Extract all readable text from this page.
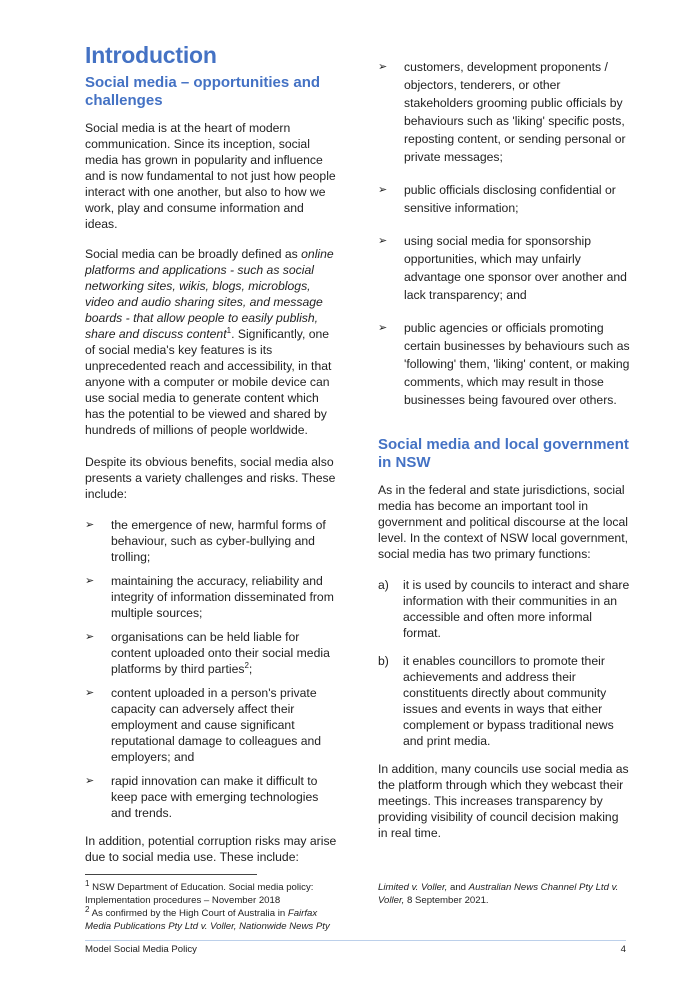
Introduction
Social media – opportunities and challenges

Social media is at the heart of modern communication. Since its inception, social media has grown in popularity and influence and is now fundamental to not just how people interact with one another, but also to how we work, play and consume information and ideas.

Social media can be broadly defined as online platforms and applications - such as social networking sites, wikis, blogs, microblogs, video and audio sharing sites, and message boards - that allow people to easily publish, share and discuss content$^1$. Significantly, one of social media's key features is its unprecedented reach and accessibility, in that anyone with a computer or mobile device can use social media to generate content which has the potential to be viewed and shared by hundreds of millions of people worldwide.

Despite its obvious benefits, social media also presents a variety challenges and risks. These include:

➢ the emergence of new, harmful forms of behaviour, such as cyber-bullying and trolling;
➢ maintaining the accuracy, reliability and integrity of information disseminated from multiple sources;
➢ organisations can be held liable for content uploaded onto their social media platforms by third parties$^2$;
➢ content uploaded in a person's private capacity can adversely affect their employment and cause significant reputational damage to colleagues and employers; and
➢ rapid innovation can make it difficult to keep pace with emerging technologies and trends.

In addition, potential corruption risks may arise due to social media use. These include:

➢ customers, development proponents / objectors, tenderers, or other stakeholders grooming public officials by behaviours such as 'liking' specific posts, reposting content, or sending personal or private messages;
➢ public officials disclosing confidential or sensitive information;
➢ using social media for sponsorship opportunities, which may unfairly advantage one sponsor over another and lack transparency; and
➢ public agencies or officials promoting certain businesses by behaviours such as 'following' them, 'liking' content, or making comments, which may result in those businesses being favoured over others.
Social media and local government in NSW

As in the federal and state jurisdictions, social media has become an important tool in government and political discourse at the local level. In the context of NSW local government, social media has two primary functions:

a) it is used by councils to interact and share information with their communities in an accessible and often more informal format.
b) it enables councillors to promote their achievements and address their constituents directly about community issues and events in ways that either complement or bypass traditional news and print media.

In addition, many councils use social media as the platform through which they webcast their meetings. This increases transparency by providing visibility of council decision making in real time.

$^1$ NSW Department of Education. Social media policy: Implementation procedures – November 2018

$^2$ As confirmed by the High Court of Australia in Fairfax Media Publications Pty Ltd v. Voller, Nationwide News Pty

Limited v. Voller, and Australian News Channel Pty Ltd v. Voller, 8 September 2021.

Model Social Media Policy	4
